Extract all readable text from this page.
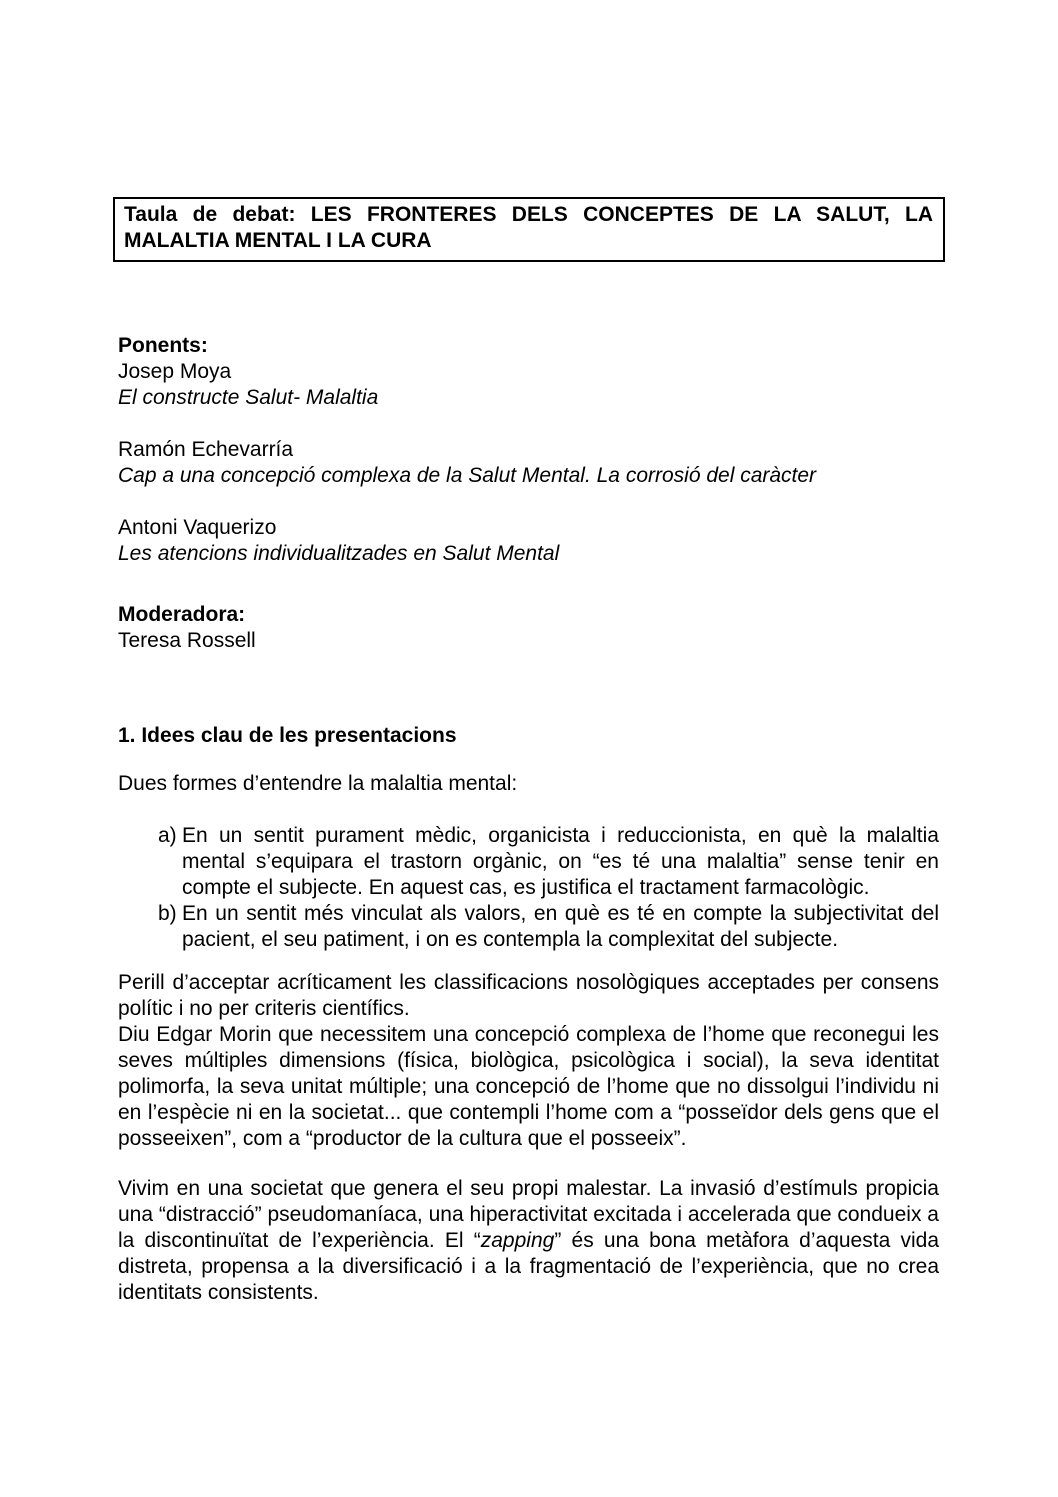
Taula de debat: LES FRONTERES DELS CONCEPTES DE LA SALUT, LA MALALTIA MENTAL I LA CURA
Ponents:
Josep Moya
El constructe Salut- Malaltia
Ramón Echevarría
Cap a una concepció complexa de la Salut Mental. La corrosió del caràcter
Antoni Vaquerizo
Les atencions individualitzades en Salut Mental
Moderadora:
Teresa Rossell
1. Idees clau de les presentacions
Dues formes d’entendre la malaltia mental:
a) En un sentit purament mèdic, organicista i reduccionista, en què la malaltia mental s’equipara el trastorn orgànic, on “es té una malaltia” sense tenir en compte el subjecte. En aquest cas, es justifica el tractament farmacològic.
b) En un sentit més vinculat als valors, en què es té en compte la subjectivitat del pacient, el seu patiment, i on es contempla la complexitat del subjecte.
Perill d’acceptar acríticament les classificacions nosològiques acceptades per consens polític i no per criteris científics.
Diu Edgar Morin que necessitem una concepció complexa de l’home que reconegui les seves múltiples dimensions (física, biològica, psicològica i social), la seva identitat polimorfa, la seva unitat múltiple; una concepció de l’home que no dissolgui l’individu ni en l’espècie ni en la societat... que contempli l’home com a “posseïdor dels gens que el posseeixen”, com a “productor de la cultura que el posseeix”.
Vivim en una societat que genera el seu propi malestar. La invasió d’estímuls propicia una “distracció” pseudomaníaca, una hiperactivitat excitada i accelerada que condueix a la discontinuïtat de l’experiència. El “zapping” és una bona metàfora d’aquesta vida distreta, propensa a la diversificació i a la fragmentació de l’experiència, que no crea identitats consistents.
